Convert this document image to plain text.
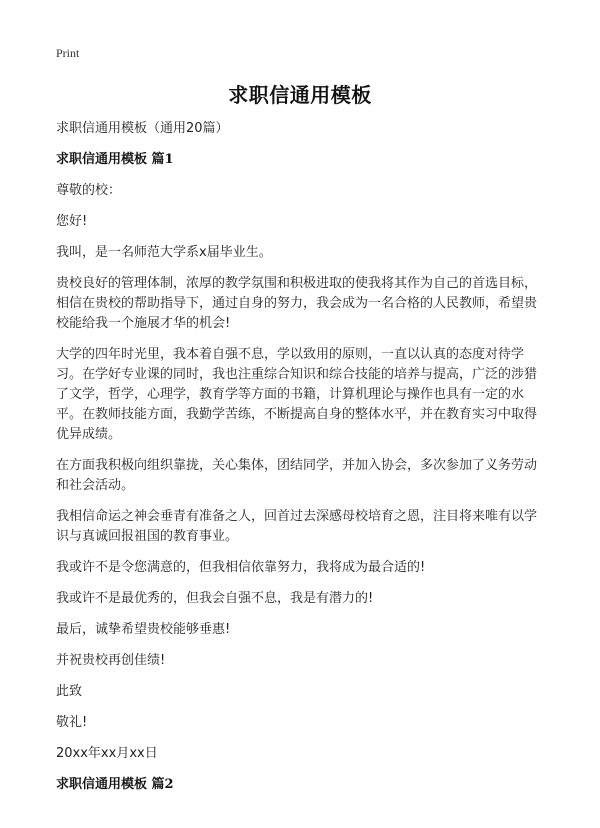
Print
求职信通用模板
求职信通用模板（通用20篇）
求职信通用模板 篇1

尊敬的校：

您好!

我叫，是一名师范大学系x届毕业生。

贵校良好的管理体制，浓厚的教学氛围和积极进取的使我将其作为自己的首选目标，相信在贵校的帮助指导下，通过自身的努力，我会成为一名合格的人民教师，希望贵校能给我一个施展才华的机会!

大学的四年时光里，我本着自强不息，学以致用的原则，一直以认真的态度对待学习。在学好专业课的同时，我也注重综合知识和综合技能的培养与提高，广泛的涉猎了文学，哲学，心理学，教育学等方面的书籍，计算机理论与操作也具有一定的水平。在教师技能方面，我勤学苦练，不断提高自身的整体水平，并在教育实习中取得优异成绩。

在方面我积极向组织靠拢，关心集体，团结同学，并加入协会，多次参加了义务劳动和社会活动。

我相信命运之神会垂青有准备之人，回首过去深感母校培育之恩，注目将来唯有以学识与真诚回报祖国的教育事业。

我或许不是令您满意的，但我相信依靠努力，我将成为最合适的!

我或许不是最优秀的，但我会自强不息，我是有潜力的!

最后，诚挚希望贵校能够垂惠!

并祝贵校再创佳绩!

此致

敬礼!

20xx年xx月xx日

求职信通用模板 篇2
